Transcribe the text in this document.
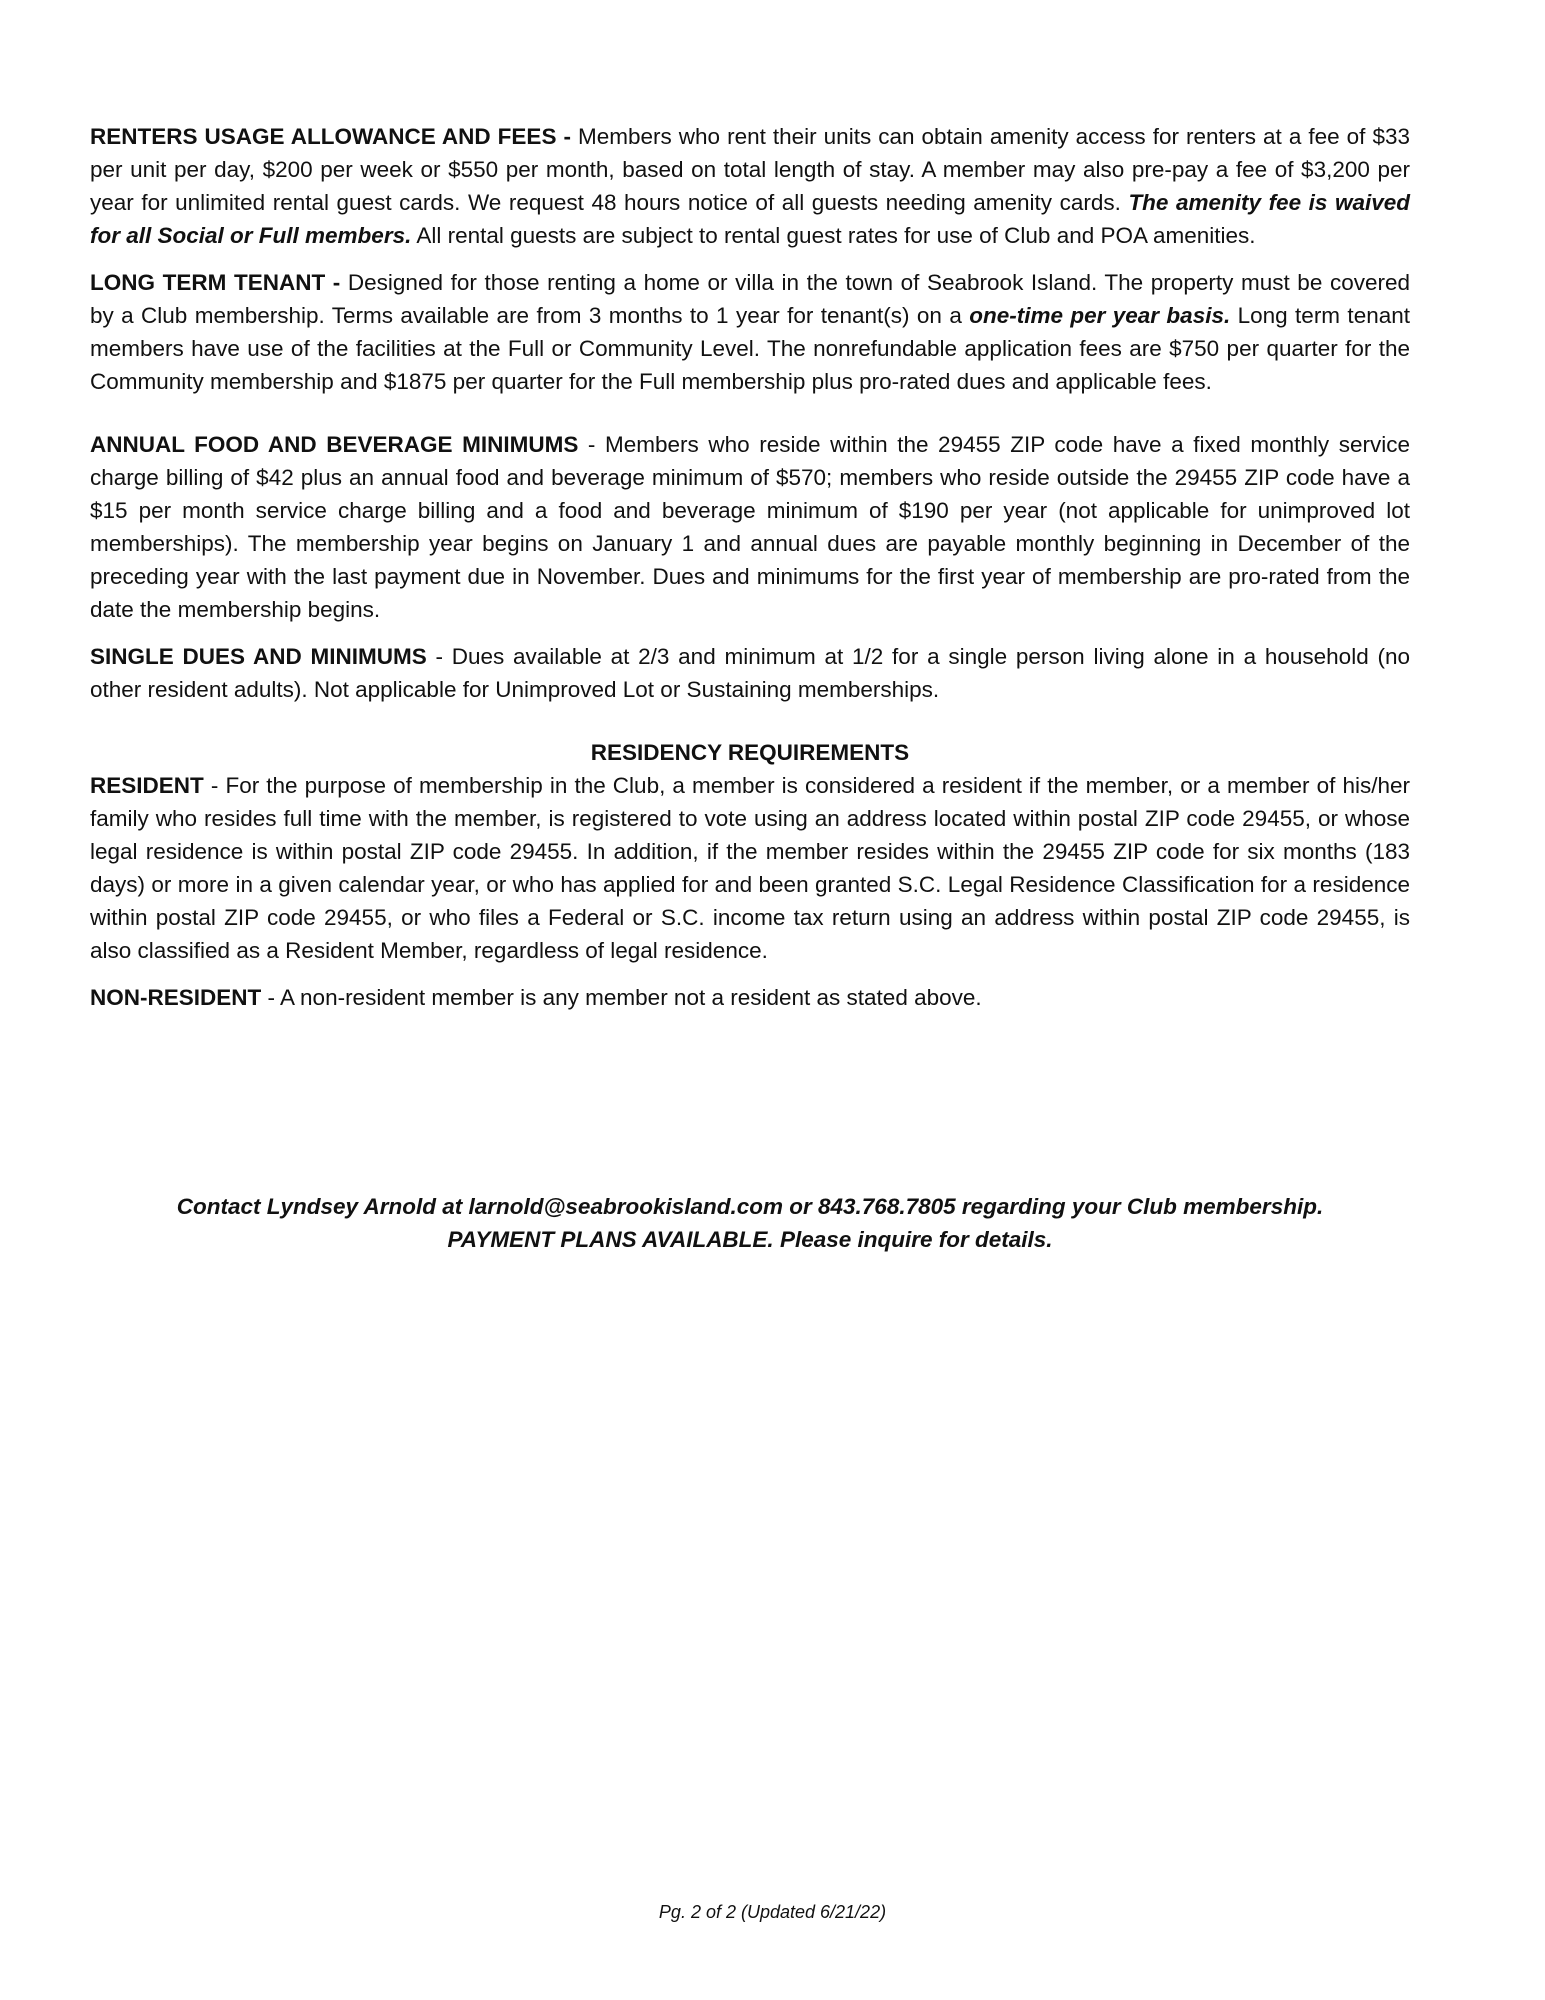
RENTERS USAGE ALLOWANCE AND FEES - Members who rent their units can obtain amenity access for renters at a fee of $33 per unit per day, $200 per week or $550 per month, based on total length of stay. A member may also pre-pay a fee of $3,200 per year for unlimited rental guest cards. We request 48 hours notice of all guests needing amenity cards. The amenity fee is waived for all Social or Full members. All rental guests are subject to rental guest rates for use of Club and POA amenities.

LONG TERM TENANT - Designed for those renting a home or villa in the town of Seabrook Island. The property must be covered by a Club membership. Terms available are from 3 months to 1 year for tenant(s) on a one-time per year basis. Long term tenant members have use of the facilities at the Full or Community Level. The nonrefundable application fees are $750 per quarter for the Community membership and $1875 per quarter for the Full membership plus pro-rated dues and applicable fees.

ANNUAL FOOD AND BEVERAGE MINIMUMS - Members who reside within the 29455 ZIP code have a fixed monthly service charge billing of $42 plus an annual food and beverage minimum of $570; members who reside outside the 29455 ZIP code have a $15 per month service charge billing and a food and beverage minimum of $190 per year (not applicable for unimproved lot memberships). The membership year begins on January 1 and annual dues are payable monthly beginning in December of the preceding year with the last payment due in November. Dues and minimums for the first year of membership are pro-rated from the date the membership begins.

SINGLE DUES AND MINIMUMS - Dues available at 2/3 and minimum at 1/2 for a single person living alone in a household (no other resident adults). Not applicable for Unimproved Lot or Sustaining memberships.

RESIDENCY REQUIREMENTS

RESIDENT - For the purpose of membership in the Club, a member is considered a resident if the member, or a member of his/her family who resides full time with the member, is registered to vote using an address located within postal ZIP code 29455, or whose legal residence is within postal ZIP code 29455. In addition, if the member resides within the 29455 ZIP code for six months (183 days) or more in a given calendar year, or who has applied for and been granted S.C. Legal Residence Classification for a residence within postal ZIP code 29455, or who files a Federal or S.C. income tax return using an address within postal ZIP code 29455, is also classified as a Resident Member, regardless of legal residence.

NON-RESIDENT - A non-resident member is any member not a resident as stated above.

Contact Lyndsey Arnold at larnold@seabrookisland.com or 843.768.7805 regarding your Club membership.
PAYMENT PLANS AVAILABLE. Please inquire for details.
Pg. 2 of 2 (Updated 6/21/22)
